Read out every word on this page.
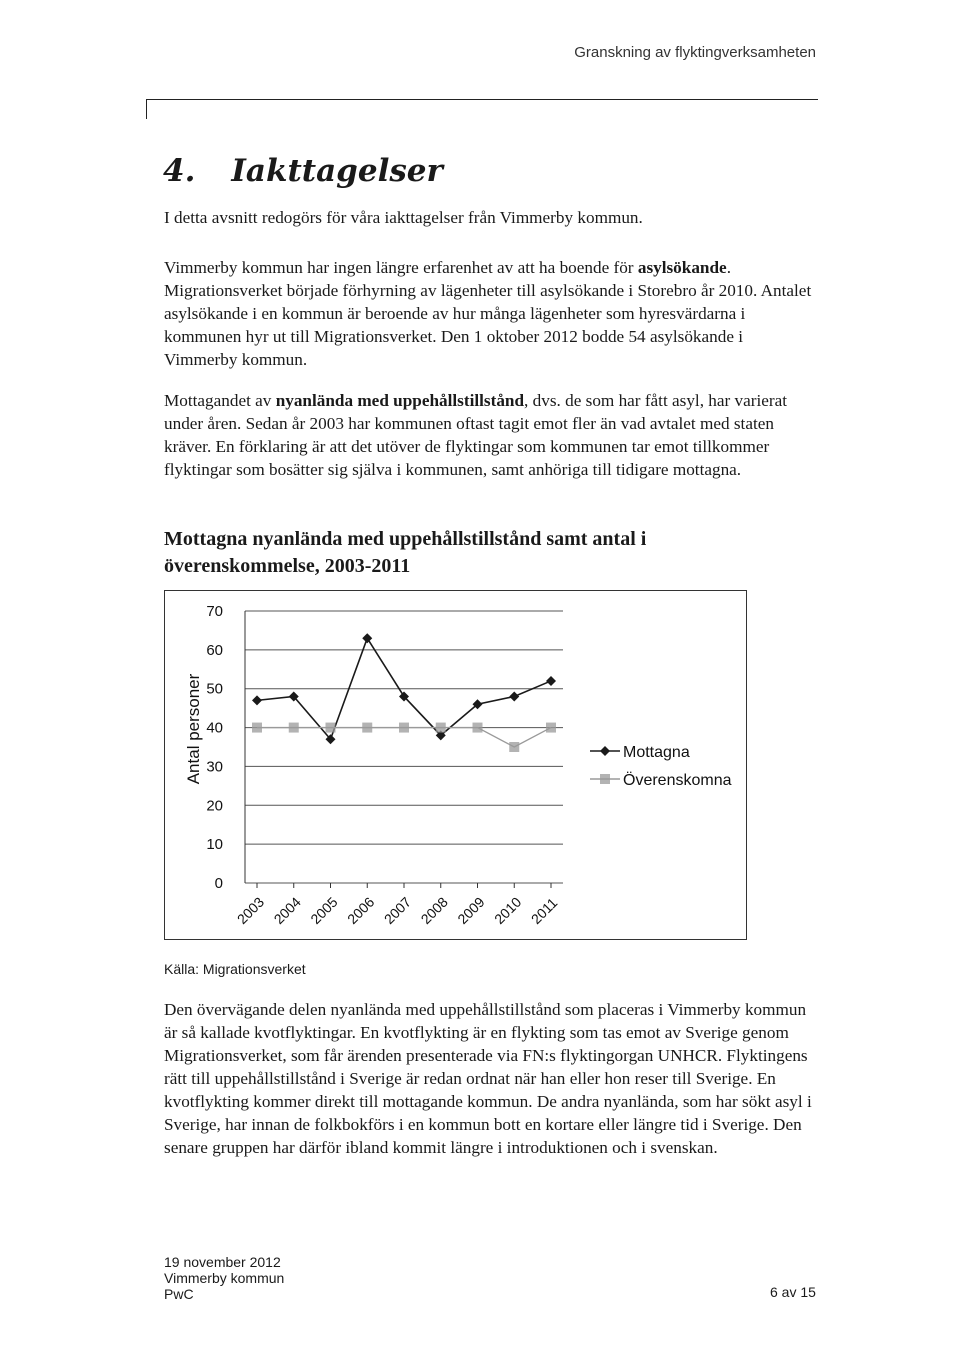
Granskning av flyktingverksamheten
4. Iakttagelser

I detta avsnitt redogörs för våra iakttagelser från Vimmerby kommun.

Vimmerby kommun har ingen längre erfarenhet av att ha boende för asylsökande. Migrationsverket började förhyrning av lägenheter till asylsökande i Storebro år 2010. Antalet asylsökande i en kommun är beroende av hur många lägenheter som hyresvärdarna i kommunen hyr ut till Migrationsverket. Den 1 oktober 2012 bodde 54 asylsökande i Vimmerby kommun.

Mottagandet av nyanlända med uppehållstillstånd, dvs. de som har fått asyl, har varierat under åren. Sedan år 2003 har kommunen oftast tagit emot fler än vad avtalet med staten kräver. En förklaring är att det utöver de flyktingar som kommunen tar emot tillkommer flyktingar som bosätter sig själva i kommunen, samt anhöriga till tidigare mottagna.

Mottagna nyanlända med uppehållstillstånd samt antal i överenskommelse, 2003-2011
0
10
20
30
40
50
60
70
2003 2004 2005 2006 2007 2008 2009 2010 2011
Antal personer	Mottagna
Överenskomna
Källa: Migrationsverket

Den övervägande delen nyanlända med uppehållstillstånd som placeras i Vimmerby kommun är så kallade kvotflyktingar. En kvotflykting är en flykting som tas emot av Sverige genom Migrationsverket, som får ärenden presenterade via FN:s flyktingorgan UNHCR. Flyktingens rätt till uppehållstillstånd i Sverige är redan ordnat när han eller hon reser till Sverige. En kvotflykting kommer direkt till mottagande kommun. De andra nyanlända, som har sökt asyl i Sverige, har innan de folkbokförs i en kommun bott en kortare eller längre tid i Sverige. Den senare gruppen har därför ibland kommit längre i introduktionen och i svenskan.

19 november 2012
Vimmerby kommun
PwC	6 av 15
